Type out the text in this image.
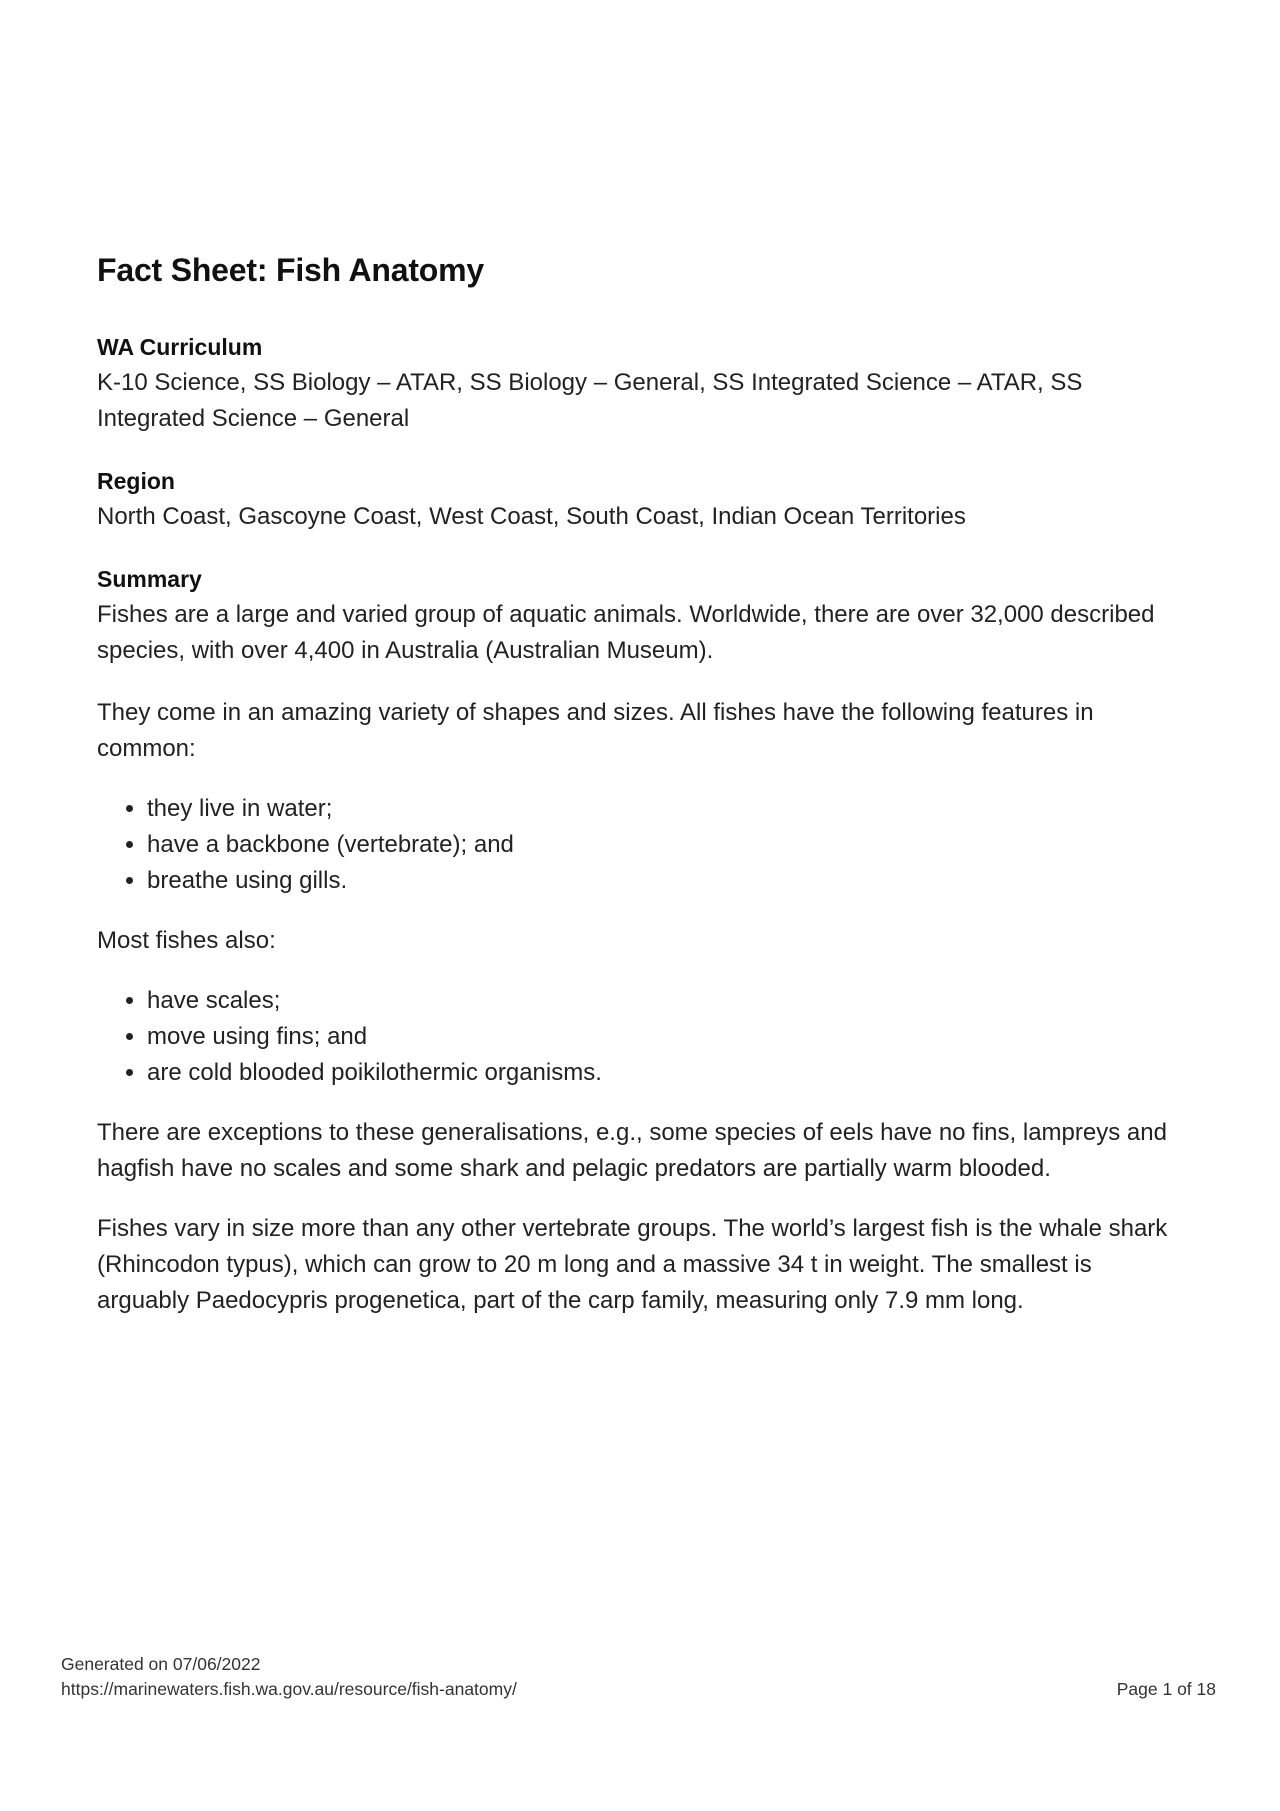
Fact Sheet: Fish Anatomy
WA Curriculum

K-10 Science, SS Biology – ATAR, SS Biology – General, SS Integrated Science – ATAR, SS Integrated Science – General

Region

North Coast, Gascoyne Coast, West Coast, South Coast, Indian Ocean Territories

Summary

Fishes are a large and varied group of aquatic animals. Worldwide, there are over 32,000 described species, with over 4,400 in Australia (Australian Museum).

They come in an amazing variety of shapes and sizes. All fishes have the following features in common:

• they live in water;
• have a backbone (vertebrate); and
• breathe using gills.

Most fishes also:

• have scales;
• move using fins; and
• are cold blooded poikilothermic organisms.

There are exceptions to these generalisations, e.g., some species of eels have no fins, lampreys and hagfish have no scales and some shark and pelagic predators are partially warm blooded.

Fishes vary in size more than any other vertebrate groups. The world’s largest fish is the whale shark (Rhincodon typus), which can grow to 20 m long and a massive 34 t in weight. The smallest is arguably Paedocypris progenetica, part of the carp family, measuring only 7.9 mm long.

Generated on 07/06/2022
https://marinewaters.fish.wa.gov.au/resource/fish-anatomy/	Page 1 of 18
